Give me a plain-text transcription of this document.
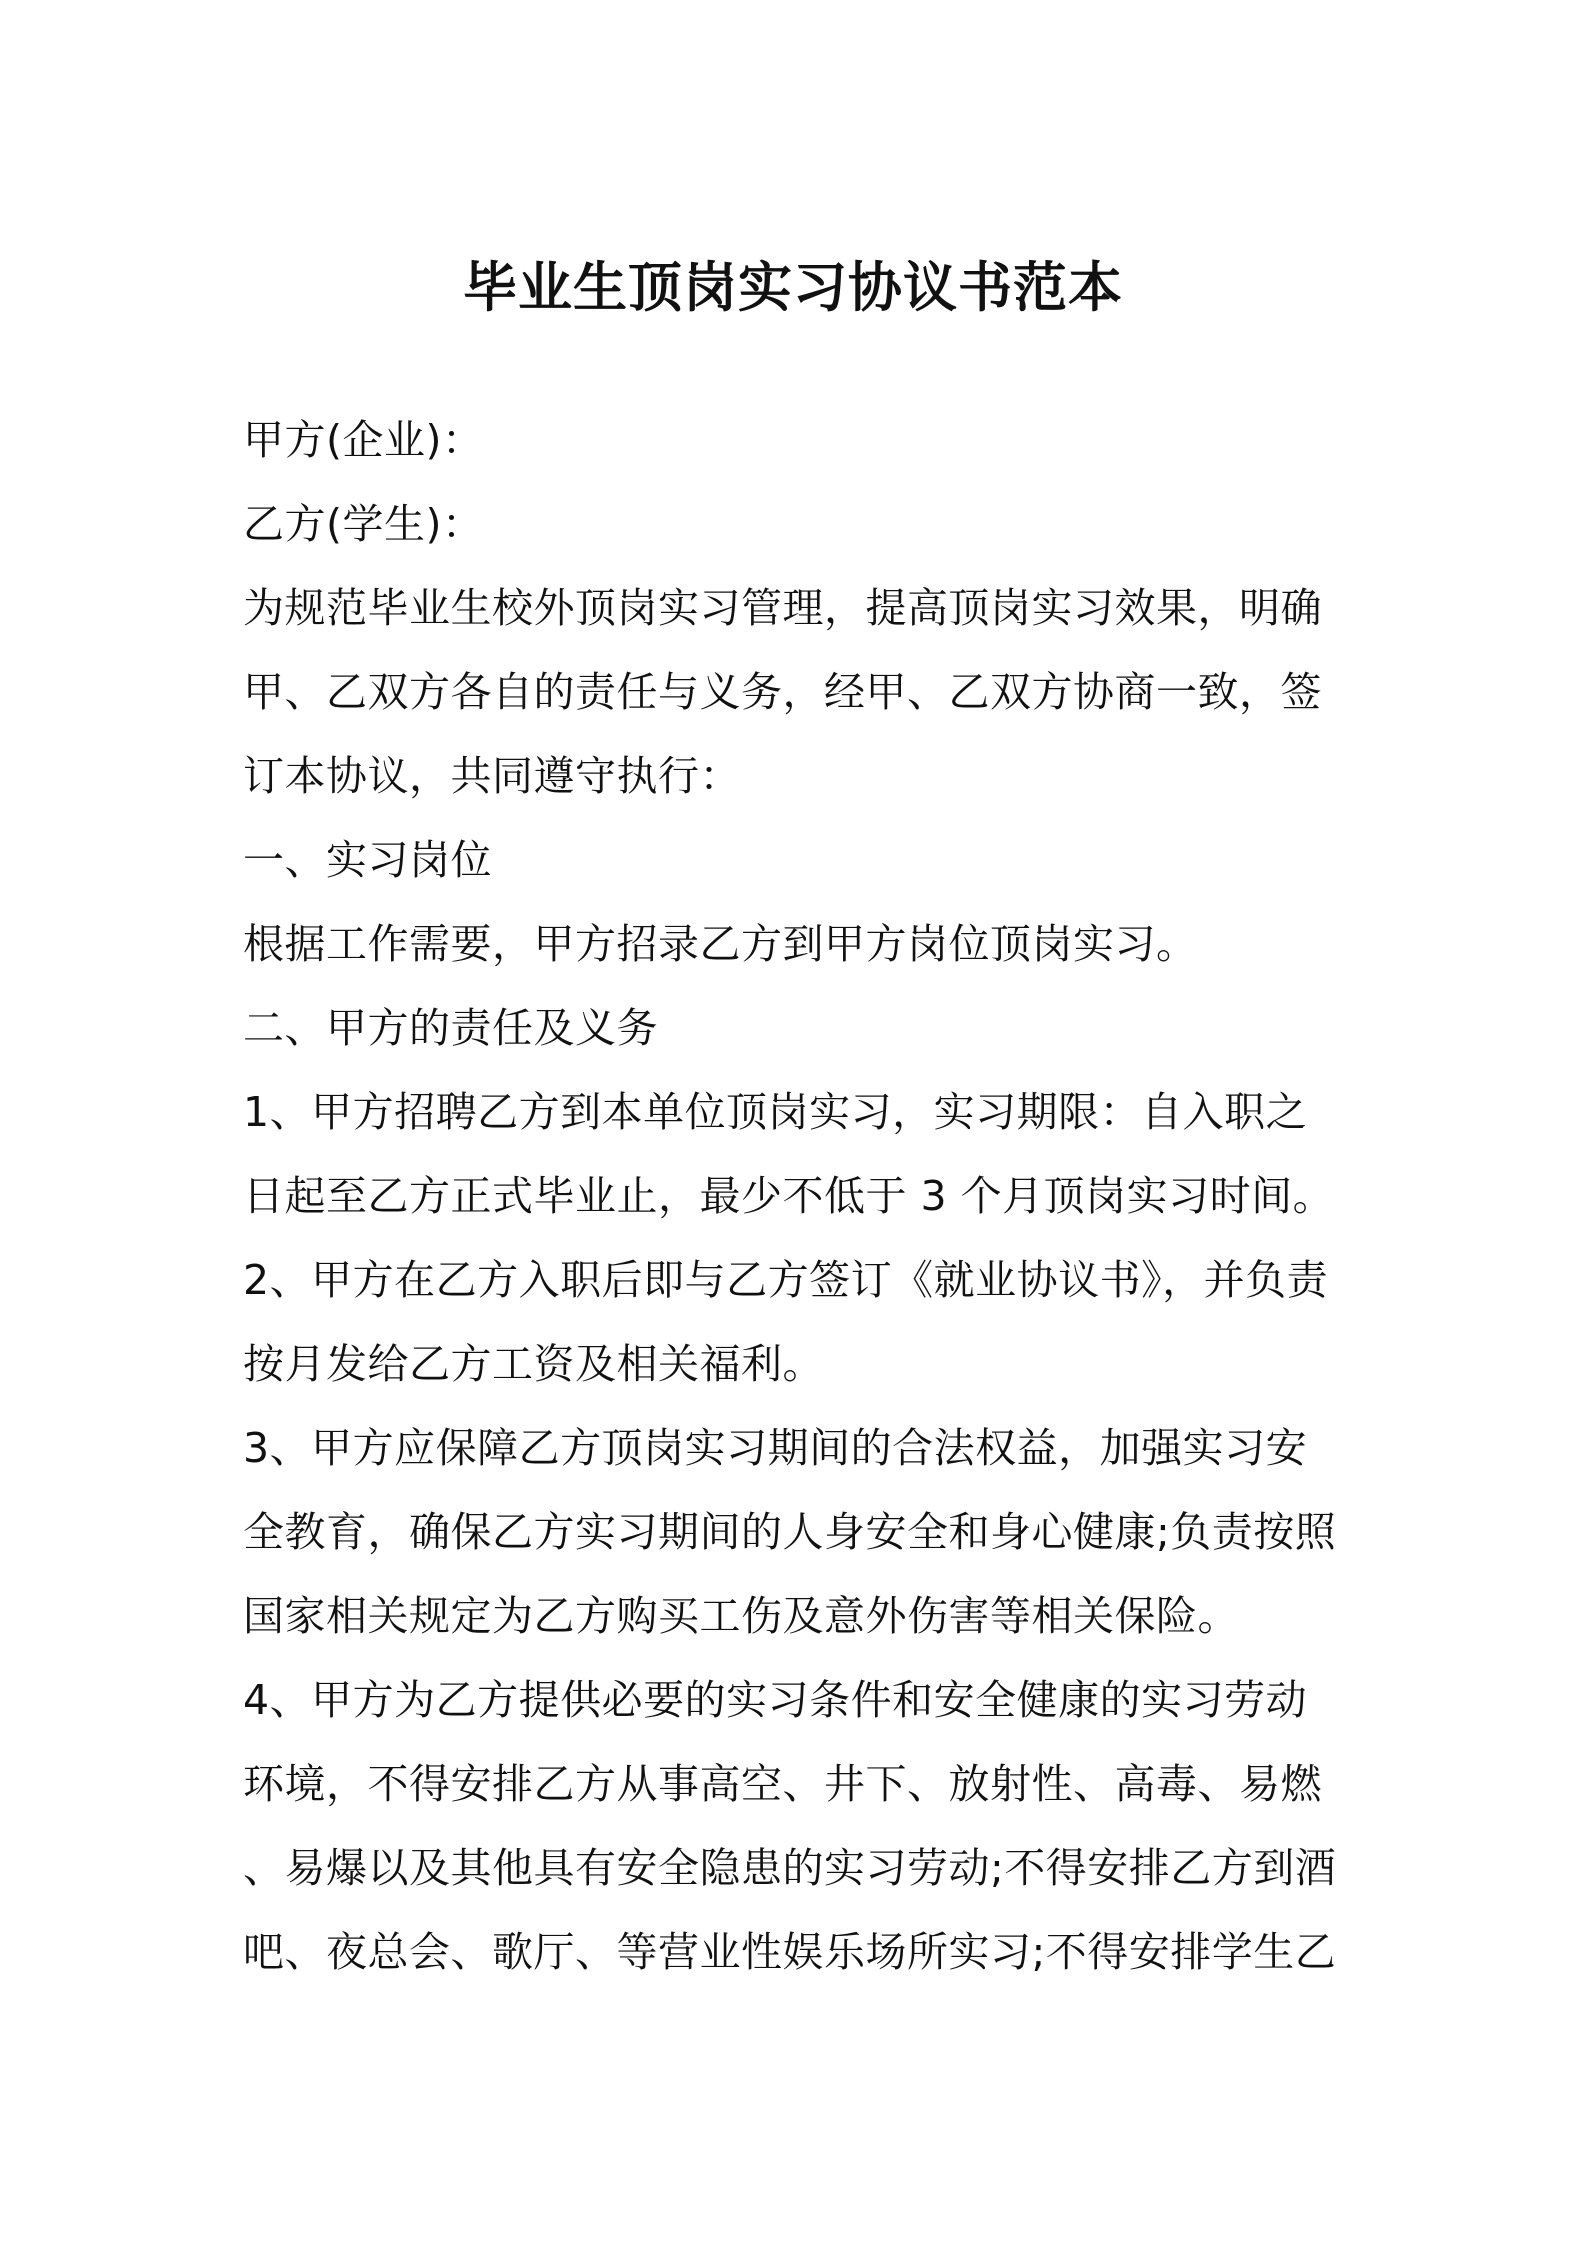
毕业生顶岗实习协议书范本

甲方(企业)：

乙方(学生)：

为规范毕业生校外顶岗实习管理，提高顶岗实习效果，明确

甲、乙双方各自的责任与义务，经甲、乙双方协商一致，签

订本协议，共同遵守执行：

一、实习岗位

根据工作需要，甲方招录乙方到甲方岗位顶岗实习。

二、甲方的责任及义务

1、甲方招聘乙方到本单位顶岗实习，实习期限：自入职之

日起至乙方正式毕业止，最少不低于 3 个月顶岗实习时间。

2、甲方在乙方入职后即与乙方签订《就业协议书》，并负责

按月发给乙方工资及相关福利。

3、甲方应保障乙方顶岗实习期间的合法权益，加强实习安

全教育，确保乙方实习期间的人身安全和身心健康;负责按照

国家相关规定为乙方购买工伤及意外伤害等相关保险。

4、甲方为乙方提供必要的实习条件和安全健康的实习劳动

环境，不得安排乙方从事高空、井下、放射性、高毒、易燃

、易爆以及其他具有安全隐患的实习劳动;不得安排乙方到酒

吧、夜总会、歌厅、等营业性娱乐场所实习;不得安排学生乙
